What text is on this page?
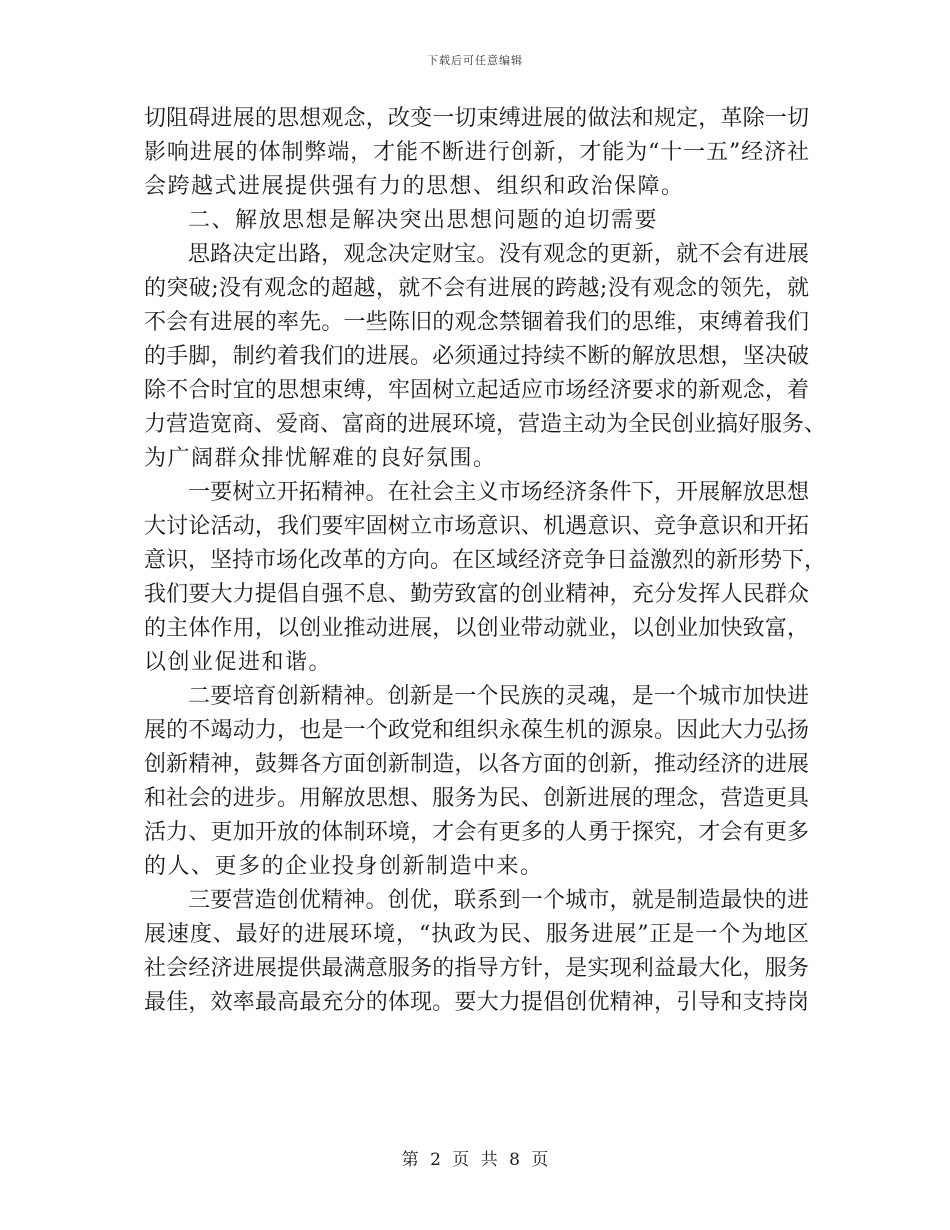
下载后可任意编辑
切阻碍进展的思想观念，改变一切束缚进展的做法和规定，革除一切
影响进展的体制弊端，才能不断进行创新，才能为“十一五”经济社
会跨越式进展提供强有力的思想、组织和政治保障。
二、解放思想是解决突出思想问题的迫切需要
思路决定出路，观念决定财宝。没有观念的更新，就不会有进展
的突破;没有观念的超越，就不会有进展的跨越;没有观念的领先，就
不会有进展的率先。一些陈旧的观念禁锢着我们的思维，束缚着我们
的手脚，制约着我们的进展。必须通过持续不断的解放思想，坚决破
除不合时宜的思想束缚，牢固树立起适应市场经济要求的新观念，着
力营造宽商、爱商、富商的进展环境，营造主动为全民创业搞好服务、
为广阔群众排忧解难的良好氛围。
一要树立开拓精神。在社会主义市场经济条件下，开展解放思想
大讨论活动，我们要牢固树立市场意识、机遇意识、竞争意识和开拓
意识，坚持市场化改革的方向。在区域经济竞争日益激烈的新形势下，
我们要大力提倡自强不息、勤劳致富的创业精神，充分发挥人民群众
的主体作用，以创业推动进展，以创业带动就业，以创业加快致富，
以创业促进和谐。
二要培育创新精神。创新是一个民族的灵魂，是一个城市加快进
展的不竭动力，也是一个政党和组织永葆生机的源泉。因此大力弘扬
创新精神，鼓舞各方面创新制造，以各方面的创新，推动经济的进展
和社会的进步。用解放思想、服务为民、创新进展的理念，营造更具
活力、更加开放的体制环境，才会有更多的人勇于探究，才会有更多
的人、更多的企业投身创新制造中来。
三要营造创优精神。创优，联系到一个城市，就是制造最快的进
展速度、最好的进展环境，“执政为民、服务进展”正是一个为地区
社会经济进展提供最满意服务的指导方针，是实现利益最大化，服务
最佳，效率最高最充分的体现。要大力提倡创优精神，引导和支持岗
第 2 页 共 8 页
